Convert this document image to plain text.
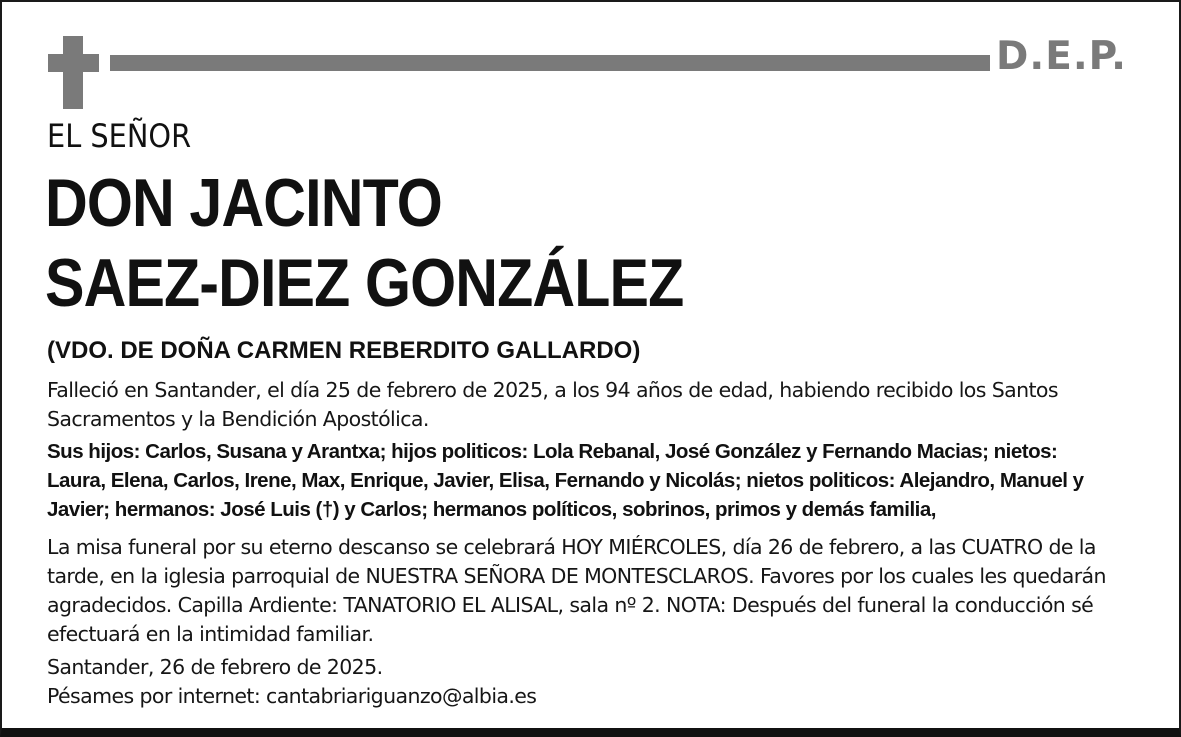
D.E.P.
EL SEÑOR
DON JACINTO
SAEZ-DIEZ GONZÁLEZ
(VDO. DE DOÑA CARMEN REBERDITO GALLARDO)
Falleció en Santander, el día 25 de febrero de 2025, a los 94 años de edad, habiendo recibido los Santos
Sacramentos y la Bendición Apostólica.
Sus hijos: Carlos, Susana y Arantxa; hijos politicos: Lola Rebanal, José González y Fernando Macias; nietos:
Laura, Elena, Carlos, Irene, Max, Enrique, Javier, Elisa, Fernando y Nicolás; nietos politicos: Alejandro, Manuel y
Javier; hermanos: José Luis (†) y Carlos; hermanos políticos, sobrinos, primos y demás familia,
La misa funeral por su eterno descanso se celebrará HOY MIÉRCOLES, día 26 de febrero, a las CUATRO de la
tarde, en la iglesia parroquial de NUESTRA SEÑORA DE MONTESCLAROS. Favores por los cuales les quedarán
agradecidos. Capilla Ardiente: TANATORIO EL ALISAL, sala nº 2. NOTA: Después del funeral la conducción sé
efectuará en la intimidad familiar.
Santander, 26 de febrero de 2025.
Pésames por internet: cantabriariguanzo@albia.es
